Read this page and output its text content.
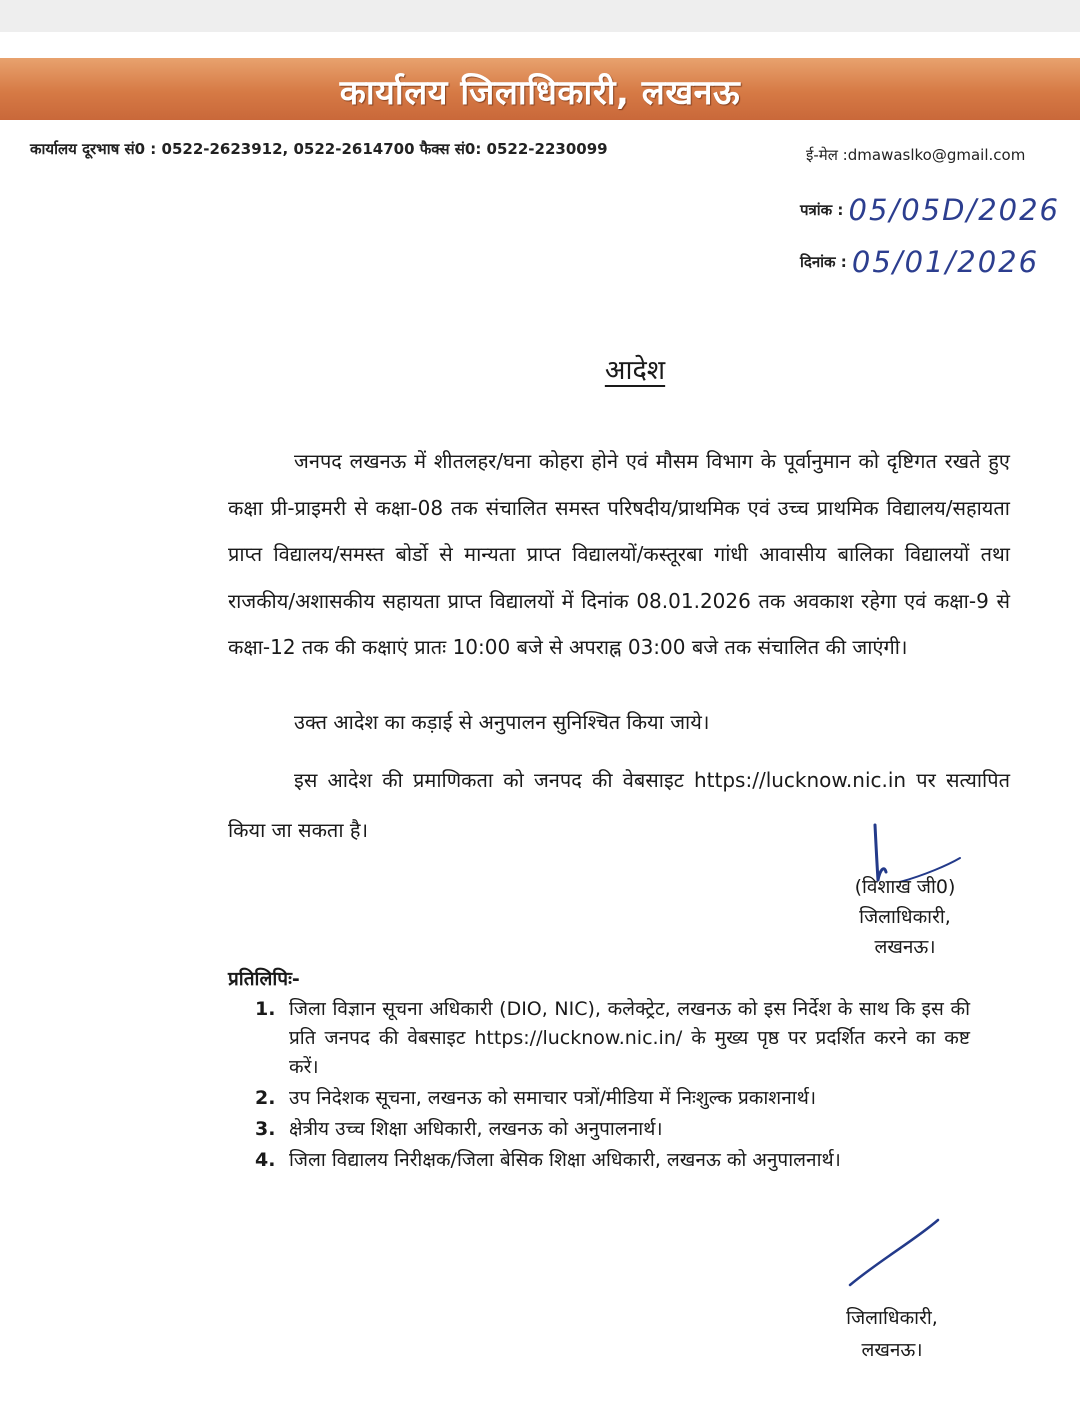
कार्यालय जिलाधिकारी, लखनऊ
कार्यालय दूरभाष सं0 : 0522-2623912, 0522-2614700 फैक्स सं0: 0522-2230099	ई-मेल :dmawaslko@gmail.com
पत्रांक : 05/05D/2026
दिनांक : 05/01/2026
आदेश
जनपद लखनऊ में शीतलहर/घना कोहरा होने एवं मौसम विभाग के पूर्वानुमान को दृष्टिगत रखते हुए कक्षा प्री-प्राइमरी से कक्षा-08 तक संचालित समस्त परिषदीय/प्राथमिक एवं उच्च प्राथमिक विद्यालय/सहायता प्राप्त विद्यालय/समस्त बोर्डो से मान्यता प्राप्त विद्यालयों/कस्तूरबा गांधी आवासीय बालिका विद्यालयों तथा राजकीय/अशासकीय सहायता प्राप्त विद्यालयों में दिनांक 08.01.2026 तक अवकाश रहेगा एवं कक्षा-9 से कक्षा-12 तक की कक्षाएं प्रातः 10:00 बजे से अपराह्न 03:00 बजे तक संचालित की जाएंगी।
उक्त आदेश का कड़ाई से अनुपालन सुनिश्चित किया जाये।
इस आदेश की प्रमाणिकता को जनपद की वेबसाइट https://lucknow.nic.in पर सत्यापित किया जा सकता है।
(विशाख जी0)
जिलाधिकारी,
लखनऊ।
प्रतिलिपिः-
1. जिला विज्ञान सूचना अधिकारी (DIO, NIC), कलेक्ट्रेट, लखनऊ को इस निर्देश के साथ कि इस की प्रति जनपद की वेबसाइट https://lucknow.nic.in/ के मुख्य पृष्ठ पर प्रदर्शित करने का कष्ट करें।
2. उप निदेशक सूचना, लखनऊ को समाचार पत्रों/मीडिया में निःशुल्क प्रकाशनार्थ।
3. क्षेत्रीय उच्च शिक्षा अधिकारी, लखनऊ को अनुपालनार्थ।
4. जिला विद्यालय निरीक्षक/जिला बेसिक शिक्षा अधिकारी, लखनऊ को अनुपालनार्थ।
जिलाधिकारी,
लखनऊ।
